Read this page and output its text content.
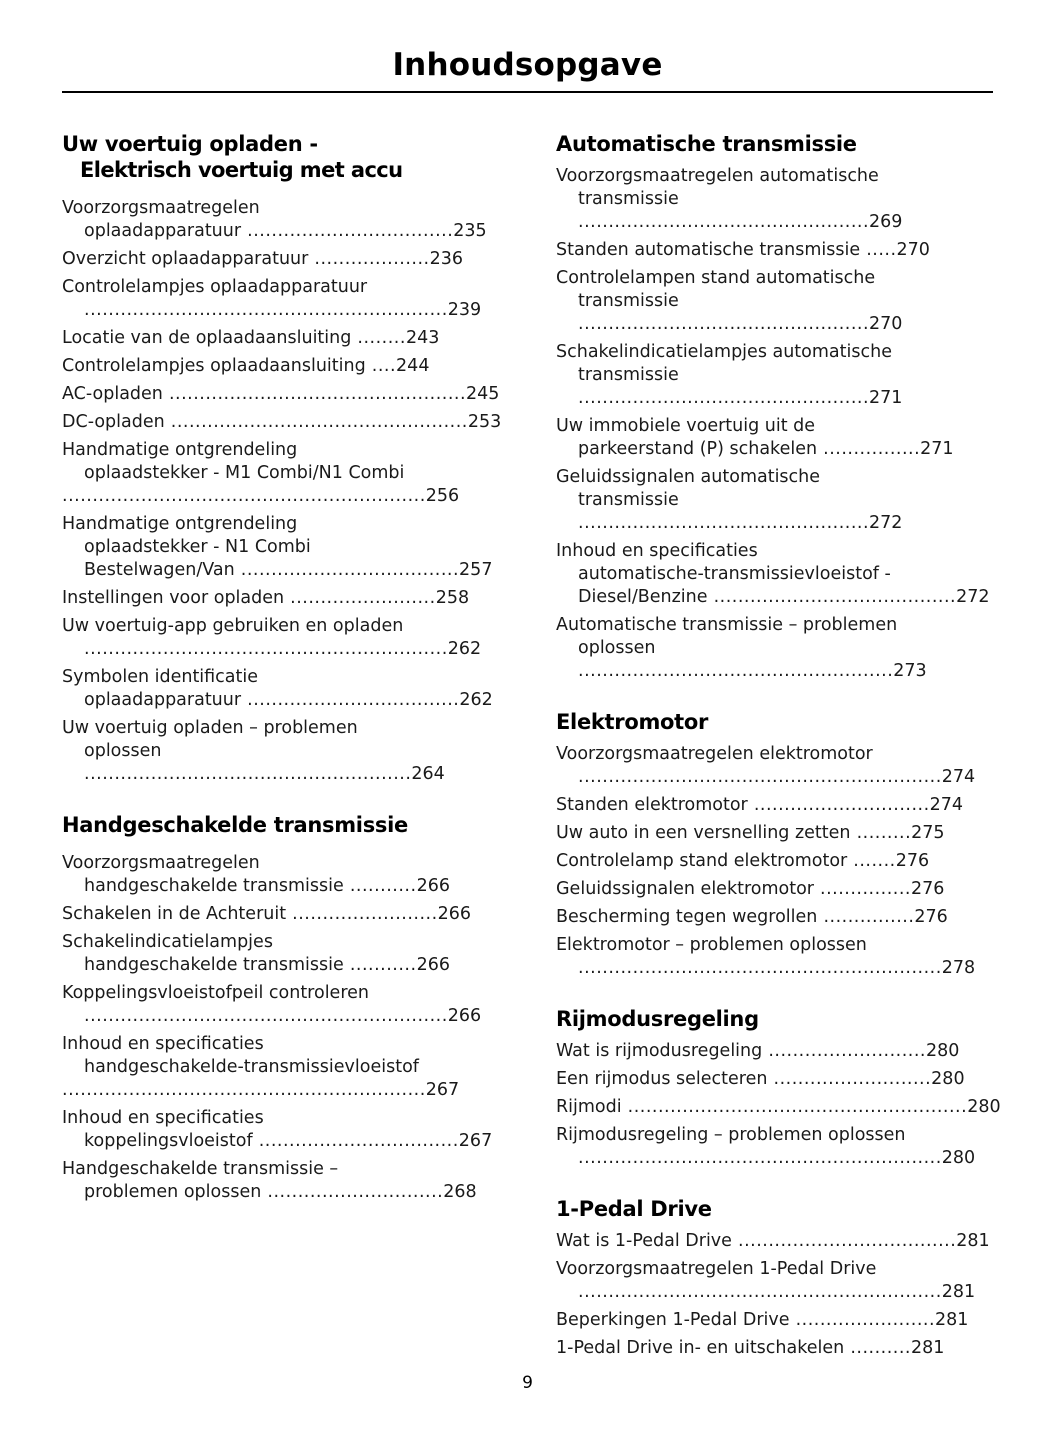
Inhoudsopgave
Uw voertuig opladen -
Elektrisch voertuig met accu
Voorzorgsmaatregelen
oplaadapparatuur ..................................235
Overzicht oplaadapparatuur ...................236
Controlelampjes oplaadapparatuur
............................................................239
Locatie van de oplaadaansluiting ........243
Controlelampjes oplaadaansluiting ....244
AC-opladen .................................................245
DC-opladen .................................................253
Handmatige ontgrendeling
oplaadstekker - M1 Combi/N1 Combi
............................................................256
Handmatige ontgrendeling
oplaadstekker - N1 Combi
Bestelwagen/Van ....................................257
Instellingen voor opladen ........................258
Uw voertuig-app gebruiken en opladen
............................................................262
Symbolen identificatie
oplaadapparatuur ...................................262
Uw voertuig opladen – problemen
oplossen ......................................................264
Handgeschakelde transmissie
Voorzorgsmaatregelen
handgeschakelde transmissie ...........266
Schakelen in de Achteruit ........................266
Schakelindicatielampjes
handgeschakelde transmissie ...........266
Koppelingsvloeistofpeil controleren
............................................................266
Inhoud en specificaties
handgeschakelde-transmissievloeistof
............................................................267
Inhoud en specificaties
koppelingsvloeistof .................................267
Handgeschakelde transmissie –
problemen oplossen .............................268
Automatische transmissie
Voorzorgsmaatregelen automatische
transmissie ................................................269
Standen automatische transmissie .....270
Controlelampen stand automatische
transmissie ................................................270
Schakelindicatielampjes automatische
transmissie ................................................271
Uw immobiele voertuig uit de
parkeerstand (P) schakelen ................271
Geluidssignalen automatische
transmissie ................................................272
Inhoud en specificaties
automatische-transmissievloeistof -
Diesel/Benzine ........................................272
Automatische transmissie – problemen
oplossen ....................................................273
Elektromotor
Voorzorgsmaatregelen elektromotor
............................................................274
Standen elektromotor .............................274
Uw auto in een versnelling zetten .........275
Controlelamp stand elektromotor .......276
Geluidssignalen elektromotor ...............276
Bescherming tegen wegrollen ...............276
Elektromotor – problemen oplossen
............................................................278
Rijmodusregeling
Wat is rijmodusregeling ..........................280
Een rijmodus selecteren ..........................280
Rijmodi ........................................................280
Rijmodusregeling – problemen oplossen
............................................................280
1-Pedal Drive
Wat is 1-Pedal Drive ....................................281
Voorzorgsmaatregelen 1-Pedal Drive
............................................................281
Beperkingen 1-Pedal Drive .......................281
1-Pedal Drive in- en uitschakelen ..........281
9
